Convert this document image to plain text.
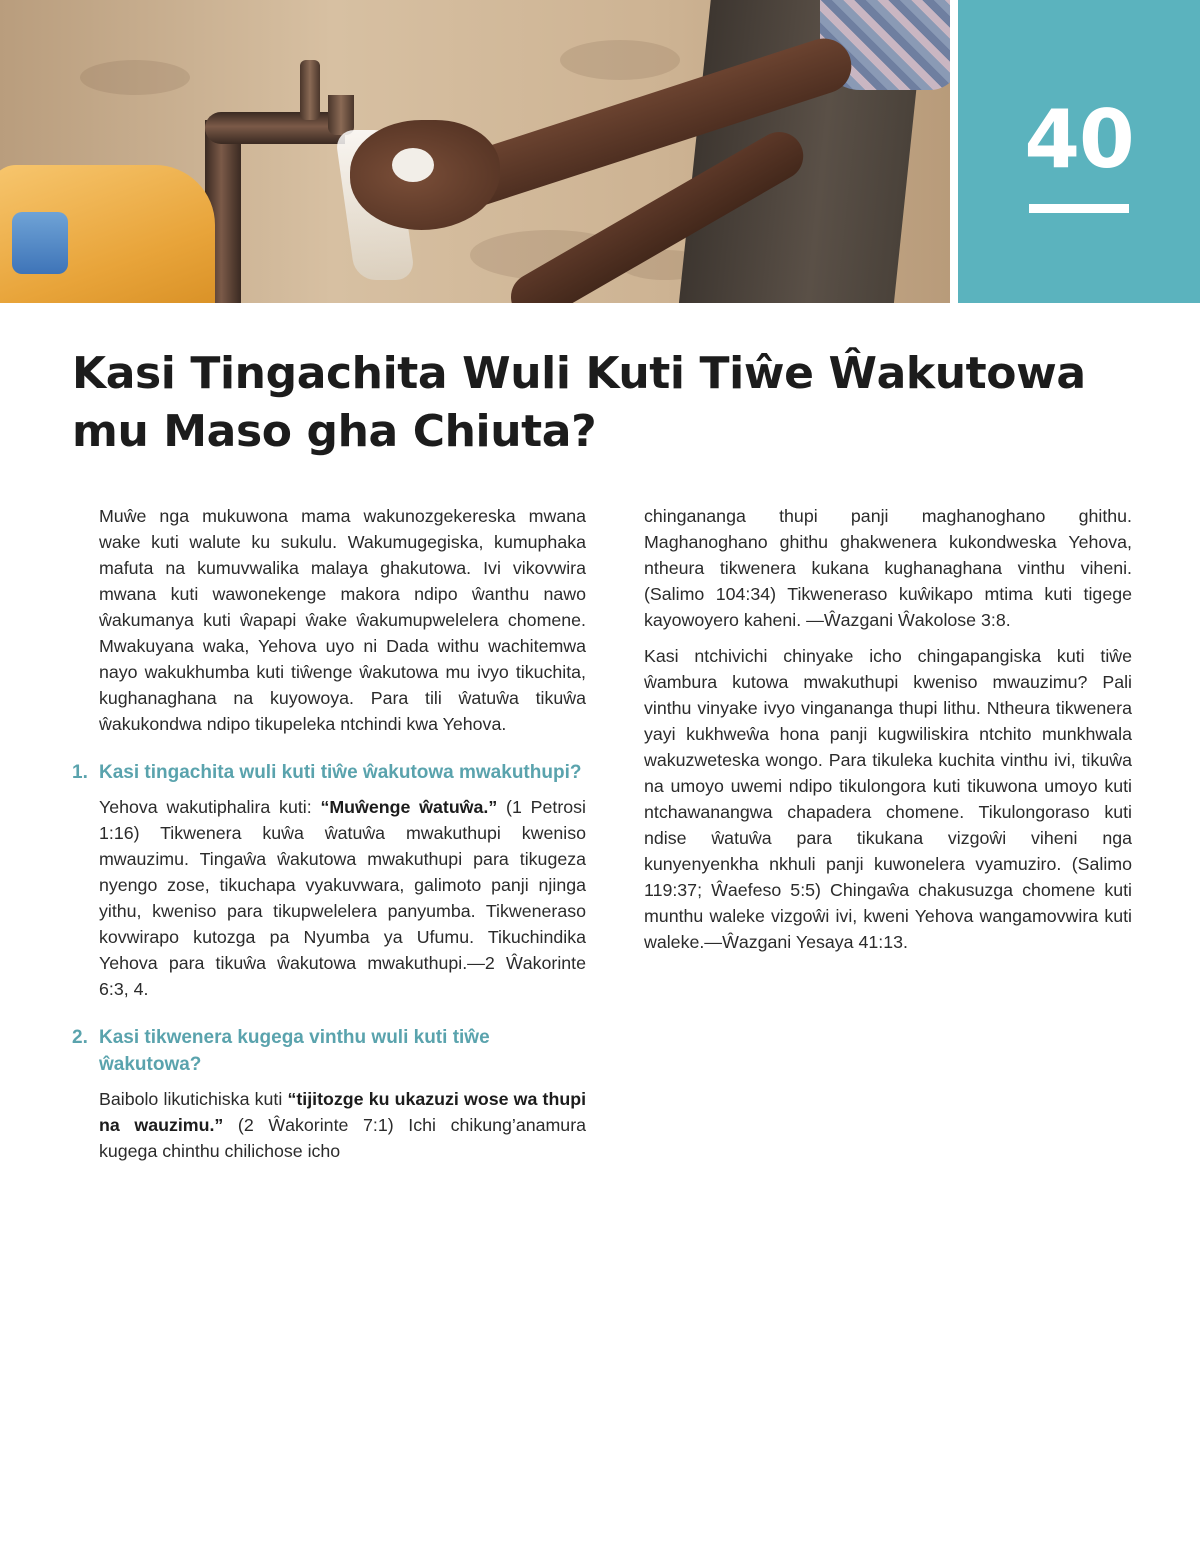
40
Kasi Tingachita Wuli Kuti Tiŵe Ŵakutowa mu Maso gha Chiuta?

Muŵe nga mukuwona mama wakunozgekereska mwana wake kuti walute ku sukulu. Wakumugegiska, kumuphaka mafuta na kumuvwalika malaya ghakutowa. Ivi vikovwira mwana kuti wawonekenge makora ndipo ŵanthu nawo ŵakumanya kuti ŵapapi ŵake ŵakumupwelelera chomene. Mwakuyana waka, Yehova uyo ni Dada withu wachitemwa nayo wakukhumba kuti tiŵenge ŵakutowa mu ivyo tikuchita, kughanaghana na kuyowoya. Para tili ŵatuŵa tikuŵa ŵakukondwa ndipo tikupeleka ntchindi kwa Yehova.

1. Kasi tingachita wuli kuti tiŵe ŵakutowa mwakuthupi?

Yehova wakutiphalira kuti: “Muŵenge ŵatuŵa.” (1 Petrosi 1:16) Tikwenera kuŵa ŵatuŵa mwakuthupi kweniso mwauzimu. Tingaŵa ŵakutowa mwakuthupi para tikugeza nyengo zose, tikuchapa vyakuvwara, galimoto panji njinga yithu, kweniso para tikupwelelera panyumba. Tikweneraso kovwirapo kutozga pa Nyumba ya Ufumu. Tikuchindika Yehova para tikuŵa ŵakutowa mwakuthupi.—2 Ŵakorinte 6:3, 4.

2. Kasi tikwenera kugega vinthu wuli kuti tiŵe ŵakutowa?

Baibolo likutichiska kuti “tijitozge ku ukazuzi wose wa thupi na wauzimu.” (2 Ŵakorinte 7:1) Ichi chikung’anamura kugega chinthu chilichose icho

chingananga thupi panji maghanoghano ghithu. Maghanoghano ghithu ghakwenera kukondweska Yehova, ntheura tikwenera kukana kughanaghana vinthu viheni. (Salimo 104:34) Tikweneraso kuŵikapo mtima kuti tigege kayowoyero kaheni. —Ŵazgani Ŵakolose 3:8.

Kasi ntchivichi chinyake icho chingapangiska kuti tiŵe ŵambura kutowa mwakuthupi kweniso mwauzimu? Pali vinthu vinyake ivyo vingananga thupi lithu. Ntheura tikwenera yayi kukhweŵa hona panji kugwiliskira ntchito munkhwala wakuzweteska wongo. Para tikuleka kuchita vinthu ivi, tikuŵa na umoyo uwemi ndipo tikulongora kuti tikuwona umoyo kuti ntchawanangwa chapadera chomene. Tikulongoraso kuti ndise ŵatuŵa para tikukana vizgoŵi viheni nga kunyenyenkha nkhuli panji kuwonelera vyamuziro. (Salimo 119:37; Ŵaefeso 5:5) Chingaŵa chakusuzga chomene kuti munthu waleke vizgoŵi ivi, kweni Yehova wangamovwira kuti waleke.—Ŵazgani Yesaya 41:13.
